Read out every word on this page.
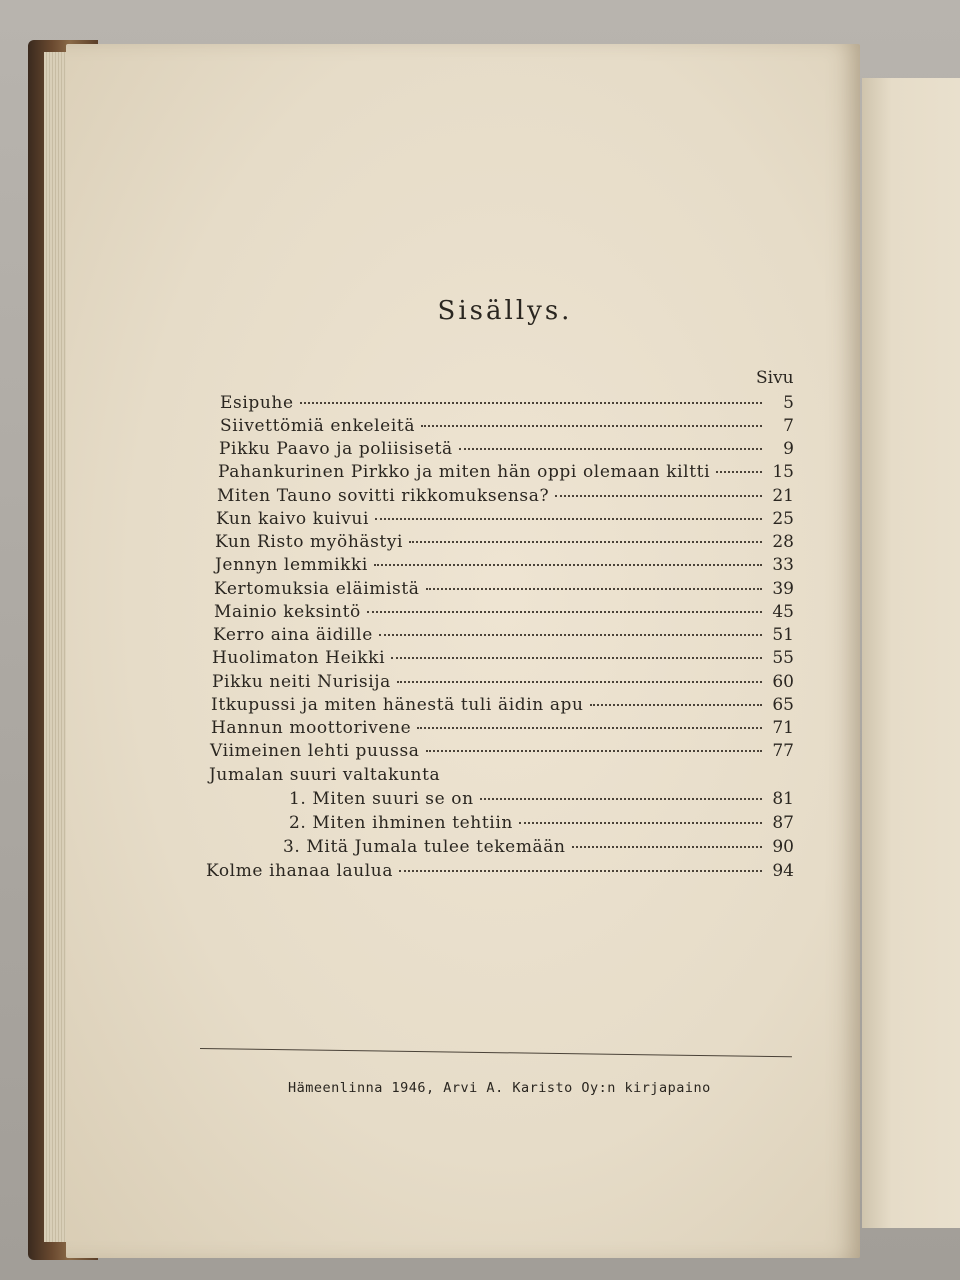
Sisällys.
Sivu
Esipuhe	5
Siivettömiä enkeleitä	7
Pikku Paavo ja poliisisetä	9
Pahankurinen Pirkko ja miten hän oppi olemaan kiltti	15
Miten Tauno sovitti rikkomuksensa?	21
Kun kaivo kuivui	25
Kun Risto myöhästyi	28
Jennyn lemmikki	33
Kertomuksia eläimistä	39
Mainio keksintö	45
Kerro aina äidille	51
Huolimaton Heikki	55
Pikku neiti Nurisija	60
Itkupussi ja miten hänestä tuli äidin apu	65
Hannun moottorivene	71
Viimeinen lehti puussa	77
Jumalan suuri valtakunta
1. Miten suuri se on	81
2. Miten ihminen tehtiin	87
3. Mitä Jumala tulee tekemään	90
Kolme ihanaa laulua	94
Hämeenlinna 1946, Arvi A. Karisto Oy:n kirjapaino
